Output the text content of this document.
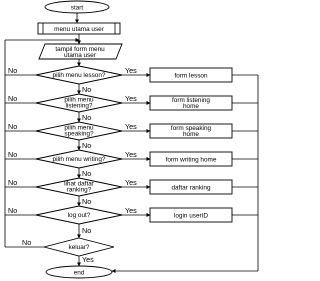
start
menu utama user
tampil form menu
utama user
pilih menu lesson?
No	Yes
No
form lesson
pilih menu
listening?
No	Yes
No
form listening
home
pilih menu
speaking?
No	Yes
No
form speaking
home
pilih menu writing?
No	Yes
No
form writing home
lihat daftar
ranking?
No	Yes
No
daftar ranking
log out?
No	Yes
No
login userID
keluar?
No
Yes
end
